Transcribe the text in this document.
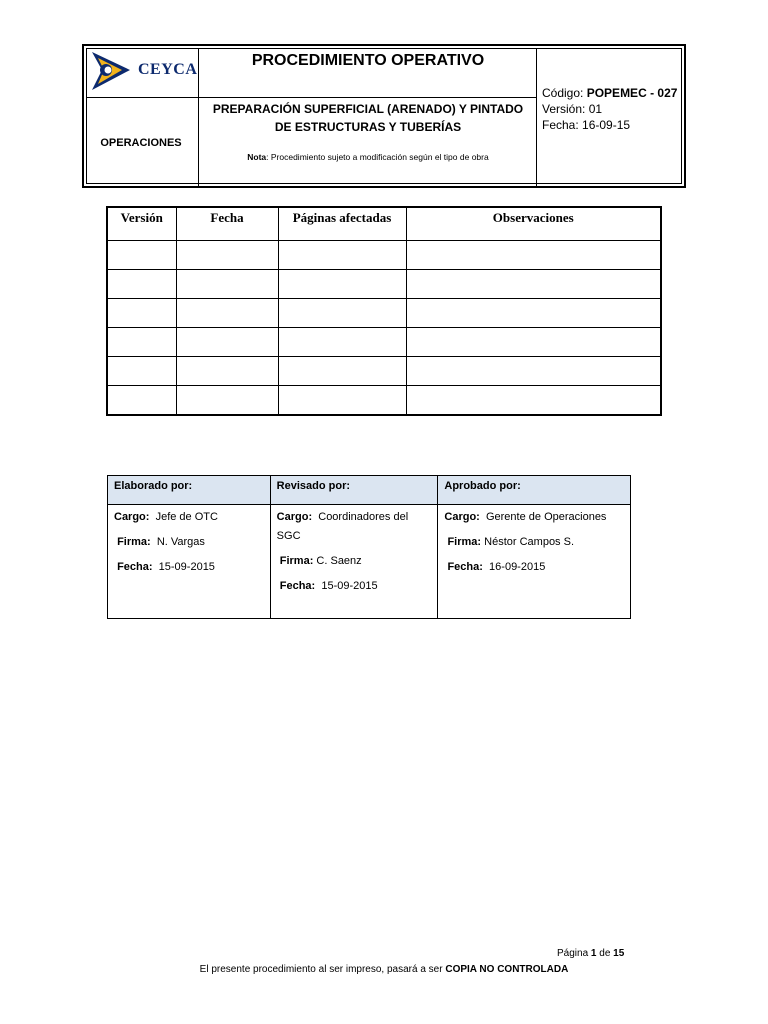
CEYCA
PROCEDIMIENTO OPERATIVO
PREPARACIÓN SUPERFICIAL (ARENADO) Y PINTADO
DE ESTRUCTURAS Y TUBERÍAS
Nota: Procedimiento sujeto a modificación según el tipo de obra
OPERACIONES
Código: POPEMEC - 027
Versión: 01
Fecha: 16-09-15
Versión	Fecha	Páginas afectadas	Observaciones

Elaborado por:	Revisado por:	Aprobado por:

Cargo: Jefe de OTC
Firma: N. Vargas
Fecha: 15-09-2015	Cargo: Coordinadores del
SGC
Firma: C. Saenz
Fecha: 15-09-2015	Cargo: Gerente de Operaciones
Firma: Néstor Campos S.
Fecha: 16-09-2015
Página 1 de 15
El presente procedimiento al ser impreso, pasará a ser COPIA NO CONTROLADA
